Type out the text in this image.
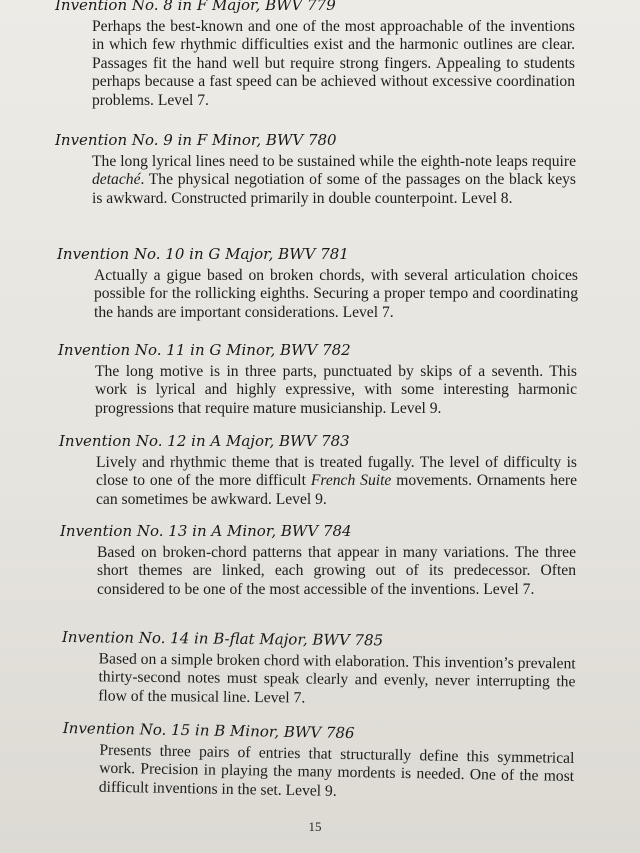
Invention No. 8 in F Major, BWV 779
Perhaps the best-known and one of the most approachable of the inventions in which few rhythmic difficulties exist and the harmonic outlines are clear. Passages fit the hand well but require strong fingers. Appealing to students perhaps because a fast speed can be achieved without excessive coordination problems. Level 7.
Invention No. 9 in F Minor, BWV 780
The long lyrical lines need to be sustained while the eighth-note leaps require detaché. The physical negotiation of some of the passages on the black keys is awkward. Constructed primarily in double counterpoint. Level 8.
Invention No. 10 in G Major, BWV 781
Actually a gigue based on broken chords, with several articulation choices possible for the rollicking eighths. Securing a proper tempo and coordinating the hands are important considerations. Level 7.
Invention No. 11 in G Minor, BWV 782
The long motive is in three parts, punctuated by skips of a seventh. This work is lyrical and highly expressive, with some interesting harmonic progressions that require mature musicianship. Level 9.
Invention No. 12 in A Major, BWV 783
Lively and rhythmic theme that is treated fugally. The level of difficulty is close to one of the more difficult French Suite movements. Ornaments here can sometimes be awkward. Level 9.
Invention No. 13 in A Minor, BWV 784
Based on broken-chord patterns that appear in many variations. The three short themes are linked, each growing out of its predecessor. Often considered to be one of the most accessible of the inventions. Level 7.
Invention No. 14 in B-flat Major, BWV 785
Based on a simple broken chord with elaboration. This invention’s prevalent thirty-second notes must speak clearly and evenly, never interrupting the flow of the musical line. Level 7.
Invention No. 15 in B Minor, BWV 786
Presents three pairs of entries that structurally define this symmetrical work. Precision in playing the many mordents is needed. One of the most difficult inventions in the set. Level 9.
15
